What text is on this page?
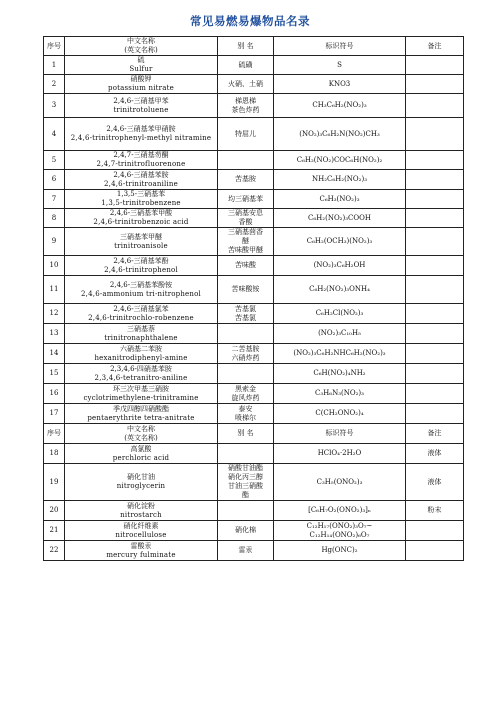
常见易燃易爆物品名录
序号	中文名称
(英文名称)	别 名	标识符号	备注
1	硫
Sulfur	硫磺	S	

2	硝酸钾
potassium nitrate	火硝、土硝	KNO3	

3	2,4,6-三硝基甲苯
trinitrotoluene	梯恩梯
茶色炸药	CH₃C₆H₂(NO₂)₃	

4	2,4,6-三硝基苯甲硝胺
2,4,6-trinitrophenyl-methyl nitramine	特屈儿	(NO₂)₃C₆H₂N(NO₂)CH₃	

5	2,4,7-三硝基芴酮
2,4,7-trinitrofluorenone		C₆H₂(NO₂)COC₆H(NO₂)₂	

6	2,4,6-三硝基苯胺
2,4,6-trinitroaniline	苦基胺	NH₂C₆H₂(NO₂)₃	

7	1,3,5-三硝基苯
1,3,5-trinitrobenzene	均三硝基苯	C₆H₃(NO₂)₃	

8	2,4,6-三硝基苯甲酸
2,4,6-trinitrobenzoic acid	三硝基安息
香酸	C₆H₂(NO₂)₃COOH	

9	三硝基苯甲醚
trinitroanisole	三硝基茴香
醚
苦味酸甲醚	C₆H₂(OCH₃)(NO₂)₃	

10	2,4,6-三硝基苯酚
2,4,6-trinitrophenol	苦味酸	(NO₂)₃C₆H₂OH	

11	2,4,6-三硝基苯酚铵
2,4,6-ammonium tri-nitrophenol	苦味酸铵	C₆H₂(NO₂)₃ONH₄	

12	2,4,6-三硝基氯苯
2,4,6-trinitrochlo-robenzene	苦基氯
苦基氯	C₆H₂Cl(NO₂)₃	

13	三硝基萘
trinitronaphthalene		(NO₂)₃C₁₀H₅	

14	六硝基二苯胺
hexanitrodiphenyl-amine	二苦基胺
六硝炸药	(NO₂)₃C₆H₂NHC₆H₂(NO₂)₃	

15	2,3,4,6-四硝基苯胺
2,3,4,6-tetranitro-aniline		C₆H(NO₂)₄NH₂	

16	环三次甲基三硝胺
cyclotrimethylene-trinitramine	黑索金
旋风炸药	C₃H₆N₃(NO₂)₃	

17	季戊四醇四硝酸酯
pentaerythrite tetra-anitrate	泰安
喷梯尔	C(CH₂ONO₂)₄	

序号	中文名称
(英文名称)	别 名	标识符号	备注
18	高氯酸
perchloric acid		HClO₄·2H₂O	液体
19	硝化甘油
nitroglycerin	硝酸甘油酯
硝化丙三醇
甘油三硝酸
酯	C₃H₅(ONO₂)₃	液体
20	硝化淀粉
nitrostarch		[C₆H₇O₂(ONO₂)₃]ₙ	粉末
21	硝化纤维素
nitrocellulose	硝化棉	C₁₂H₁₇(ONO₂)₃O₇~
C₁₂H₁₄(ONO₂)₆O₇	

22	雷酸汞
mercury fulminate	雷汞	Hg(ONC)₂	
